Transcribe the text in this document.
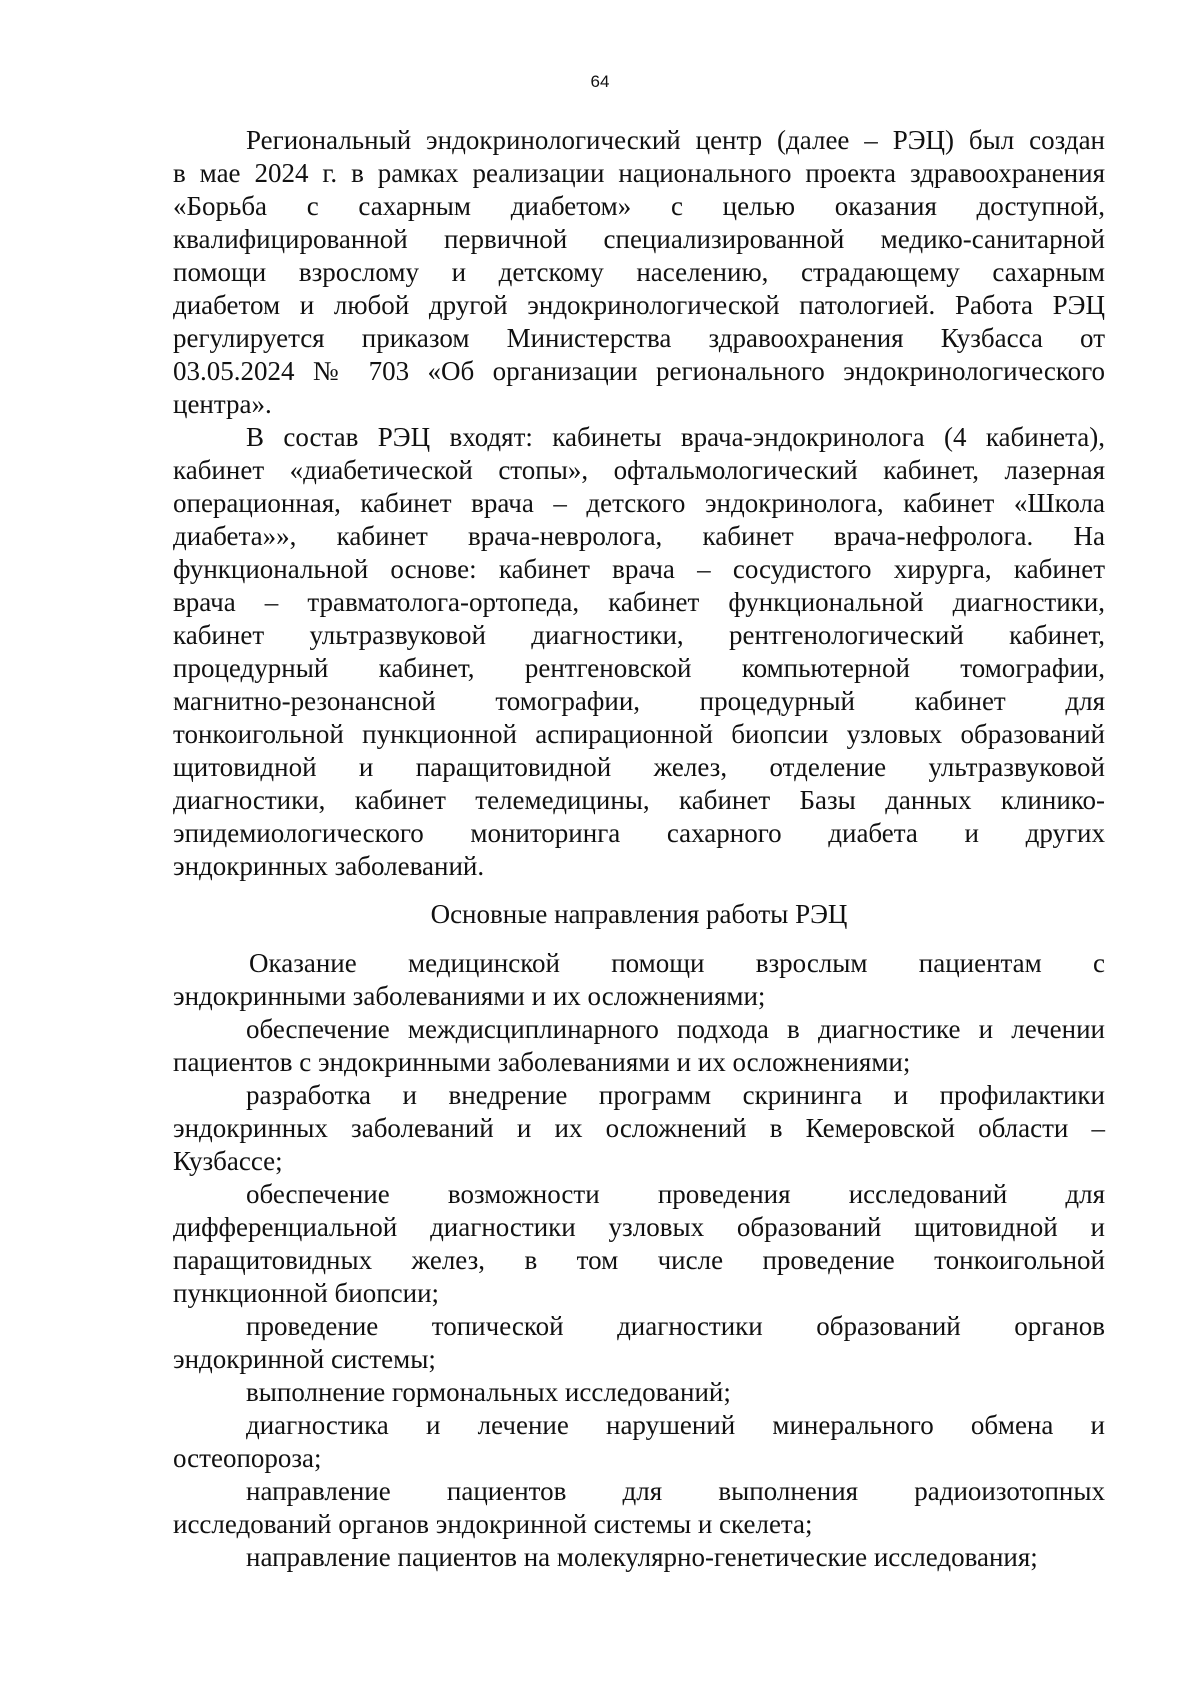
64
Региональный эндокринологический центр (далее – РЭЦ) был создан
в мае 2024 г. в рамках реализации национального проекта здравоохранения
«Борьба с сахарным диабетом» с целью оказания доступной,
квалифицированной первичной специализированной медико-санитарной
помощи взрослому и детскому населению, страдающему сахарным
диабетом и любой другой эндокринологической патологией. Работа РЭЦ
регулируется приказом Министерства здравоохранения Кузбасса от
03.05.2024 № 703 «Об организации регионального эндокринологического
центра».
В состав РЭЦ входят: кабинеты врача-эндокринолога (4 кабинета),
кабинет «диабетической стопы», офтальмологический кабинет, лазерная
операционная, кабинет врача – детского эндокринолога, кабинет «Школа
диабета»», кабинет врача-невролога, кабинет врача-нефролога. На
функциональной основе: кабинет врача – сосудистого хирурга, кабинет
врача – травматолога-ортопеда, кабинет функциональной диагностики,
кабинет ультразвуковой диагностики, рентгенологический кабинет,
процедурный кабинет, рентгеновской компьютерной томографии,
магнитно-резонансной томографии, процедурный кабинет для
тонкоигольной пункционной аспирационной биопсии узловых образований
щитовидной и паращитовидной желез, отделение ультразвуковой
диагностики, кабинет телемедицины, кабинет Базы данных клинико-
эпидемиологического мониторинга сахарного диабета и других
эндокринных заболеваний.
Основные направления работы РЭЦ
Оказание медицинской помощи взрослым пациентам с
эндокринными заболеваниями и их осложнениями;
обеспечение междисциплинарного подхода в диагностике и лечении
пациентов с эндокринными заболеваниями и их осложнениями;
разработка и внедрение программ скрининга и профилактики
эндокринных заболеваний и их осложнений в Кемеровской области –
Кузбассе;
обеспечение возможности проведения исследований для
дифференциальной диагностики узловых образований щитовидной и
паращитовидных желез, в том числе проведение тонкоигольной
пункционной биопсии;
проведение топической диагностики образований органов
эндокринной системы;
выполнение гормональных исследований;
диагностика и лечение нарушений минерального обмена и
остеопороза;
направление пациентов для выполнения радиоизотопных
исследований органов эндокринной системы и скелета;
направление пациентов на молекулярно-генетические исследования;
